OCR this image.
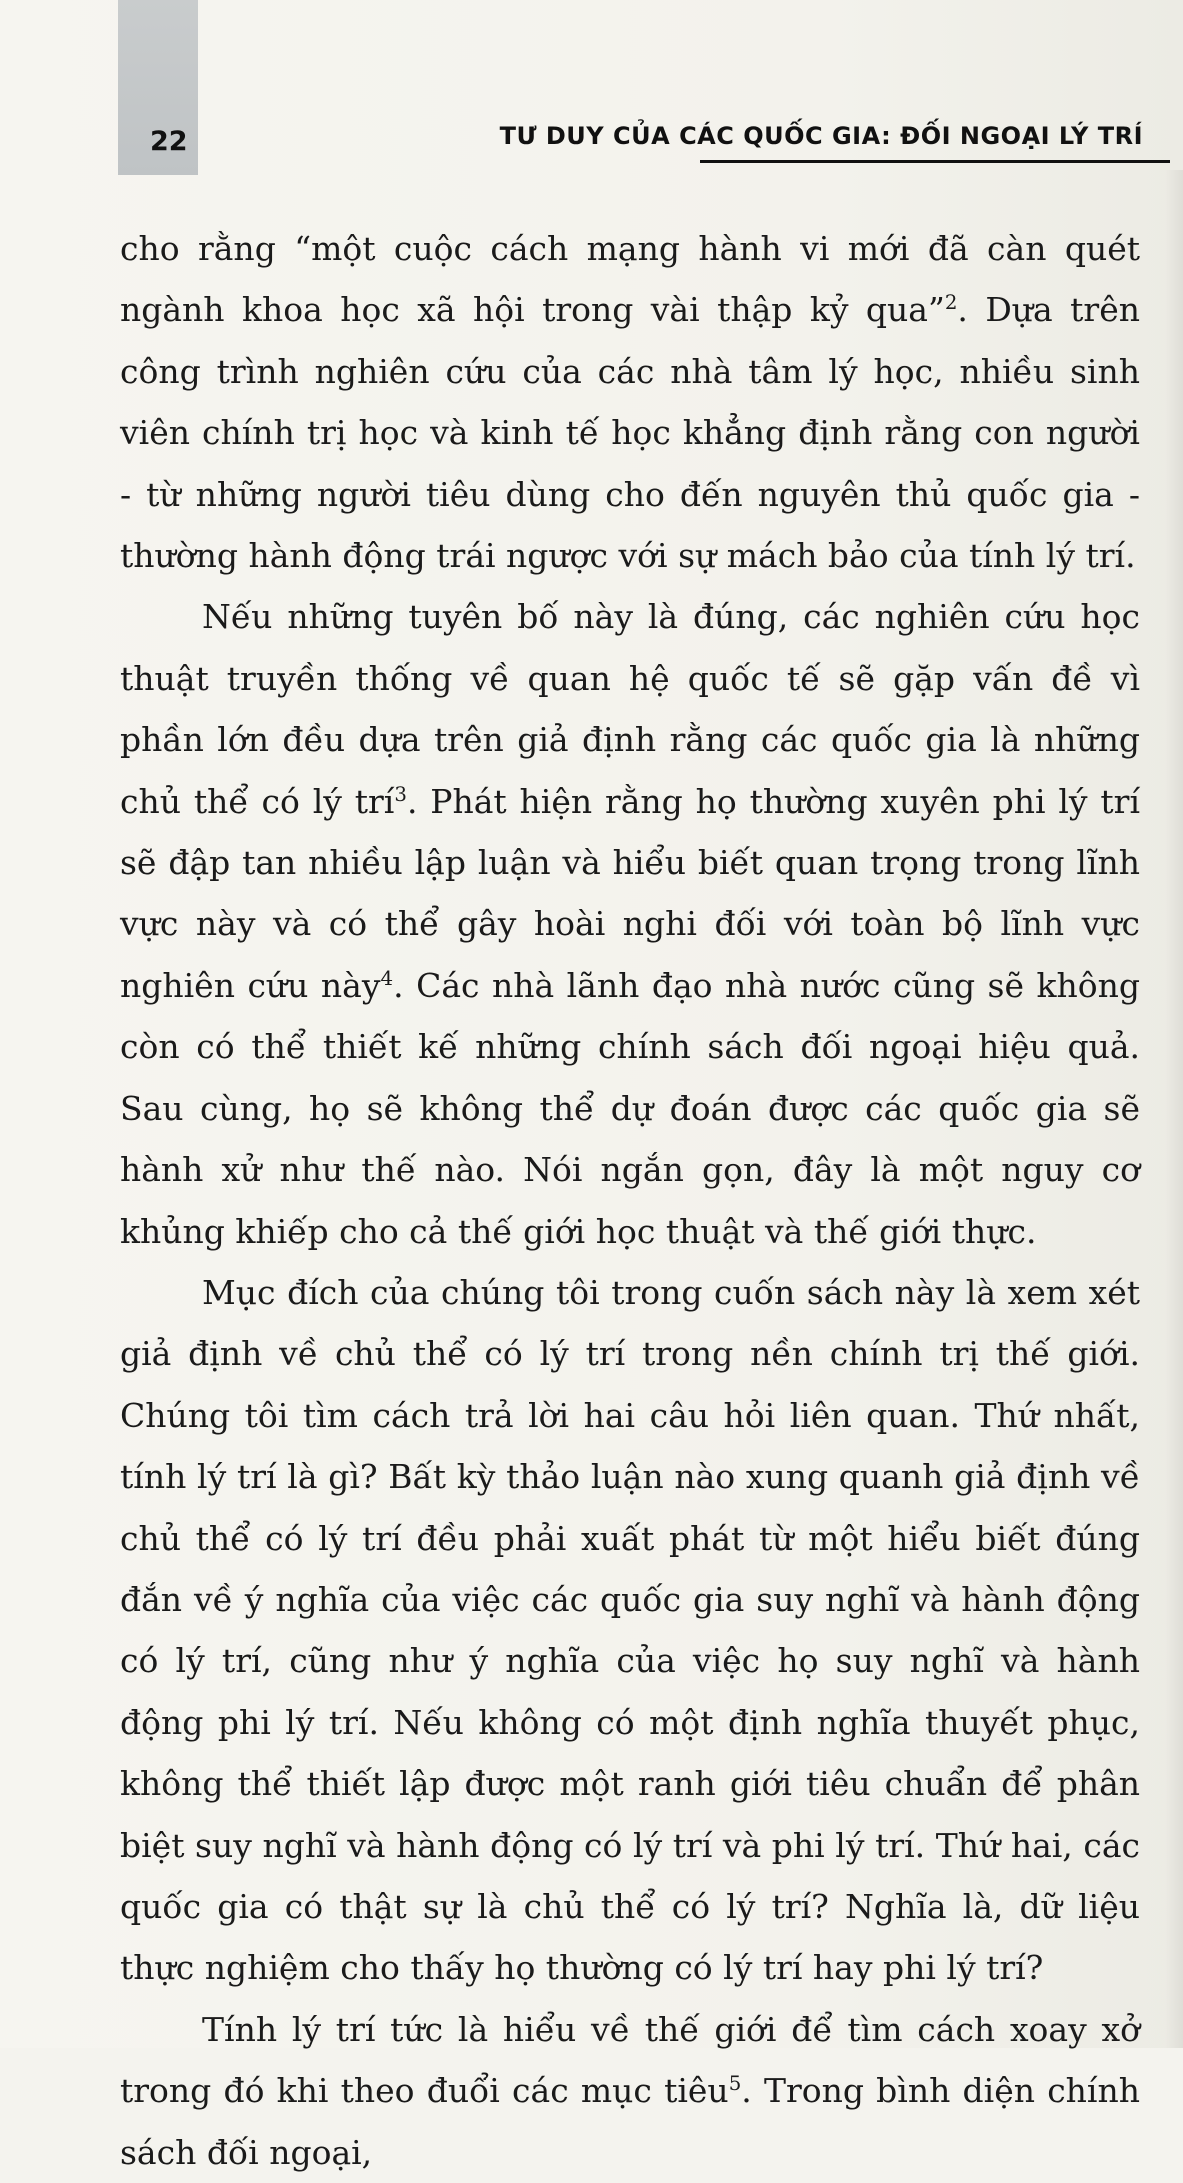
22	TƯ DUY CỦA CÁC QUỐC GIA: ĐỐI NGOẠI LÝ TRÍ

cho rằng “một cuộc cách mạng hành vi mới đã càn quét ngành khoa học xã hội trong vài thập kỷ qua”$^2$. Dựa trên công trình nghiên cứu của các nhà tâm lý học, nhiều sinh viên chính trị học và kinh tế học khẳng định rằng con người - từ những người tiêu dùng cho đến nguyên thủ quốc gia - thường hành động trái ngược với sự mách bảo của tính lý trí.

Nếu những tuyên bố này là đúng, các nghiên cứu học thuật truyền thống về quan hệ quốc tế sẽ gặp vấn đề vì phần lớn đều dựa trên giả định rằng các quốc gia là những chủ thể có lý trí$^3$. Phát hiện rằng họ thường xuyên phi lý trí sẽ đập tan nhiều lập luận và hiểu biết quan trọng trong lĩnh vực này và có thể gây hoài nghi đối với toàn bộ lĩnh vực nghiên cứu này$^4$. Các nhà lãnh đạo nhà nước cũng sẽ không còn có thể thiết kế những chính sách đối ngoại hiệu quả. Sau cùng, họ sẽ không thể dự đoán được các quốc gia sẽ hành xử như thế nào. Nói ngắn gọn, đây là một nguy cơ khủng khiếp cho cả thế giới học thuật và thế giới thực.

Mục đích của chúng tôi trong cuốn sách này là xem xét giả định về chủ thể có lý trí trong nền chính trị thế giới. Chúng tôi tìm cách trả lời hai câu hỏi liên quan. Thứ nhất, tính lý trí là gì? Bất kỳ thảo luận nào xung quanh giả định về chủ thể có lý trí đều phải xuất phát từ một hiểu biết đúng đắn về ý nghĩa của việc các quốc gia suy nghĩ và hành động có lý trí, cũng như ý nghĩa của việc họ suy nghĩ và hành động phi lý trí. Nếu không có một định nghĩa thuyết phục, không thể thiết lập được một ranh giới tiêu chuẩn để phân biệt suy nghĩ và hành động có lý trí và phi lý trí. Thứ hai, các quốc gia có thật sự là chủ thể có lý trí? Nghĩa là, dữ liệu thực nghiệm cho thấy họ thường có lý trí hay phi lý trí?

Tính lý trí tức là hiểu về thế giới để tìm cách xoay xở trong đó khi theo đuổi các mục tiêu$^5$. Trong bình diện chính sách đối ngoại,
